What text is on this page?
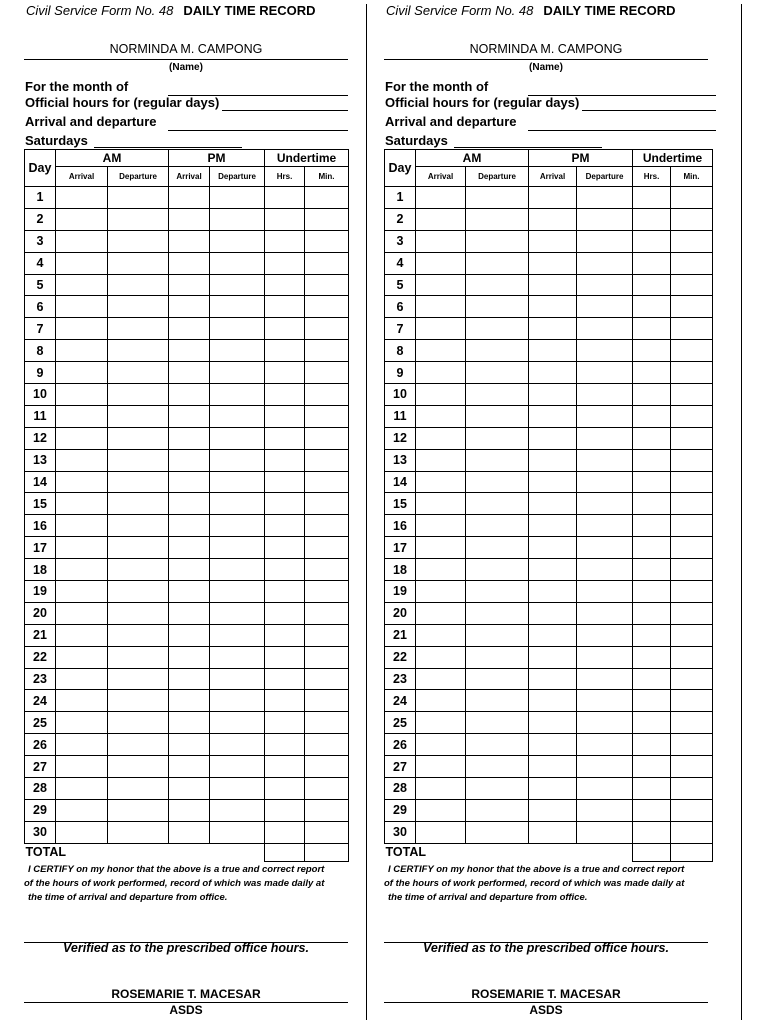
Civil Service Form No. 48 DAILY TIME RECORD
NORMINDA M. CAMPONG
(Name)
For the month of
Official hours for (regular days)
Arrival and departure
Saturdays
Day	AM		PM		Undertime	
	Arrival	Departure	Arrival	Departure	Hrs.	Min.
1						
2						
3						
4						
5						
6						
7						
8						
9						
10						
11						
12						
13						
14						
15						
16						
17						
18						
19						
20						
21						
22						
23						
24						
25						
26						
27						
28						
29						
30						
TOTAL						
I CERTIFY on my honor that the above is a true and correct report
of the hours of work performed, record of which was made daily at
the time of arrival and departure from office.
Verified as to the prescribed office hours.
ROSEMARIE T. MACESAR
ASDS
Civil Service Form No. 48 DAILY TIME RECORD
NORMINDA M. CAMPONG
(Name)
For the month of
Official hours for (regular days)
Arrival and departure
Saturdays
Day	AM		PM		Undertime	
	Arrival	Departure	Arrival	Departure	Hrs.	Min.
1						
2						
3						
4						
5						
6						
7						
8						
9						
10						
11						
12						
13						
14						
15						
16						
17						
18						
19						
20						
21						
22						
23						
24						
25						
26						
27						
28						
29						
30						
TOTAL						
I CERTIFY on my honor that the above is a true and correct report
of the hours of work performed, record of which was made daily at
the time of arrival and departure from office.
Verified as to the prescribed office hours.
ROSEMARIE T. MACESAR
ASDS
